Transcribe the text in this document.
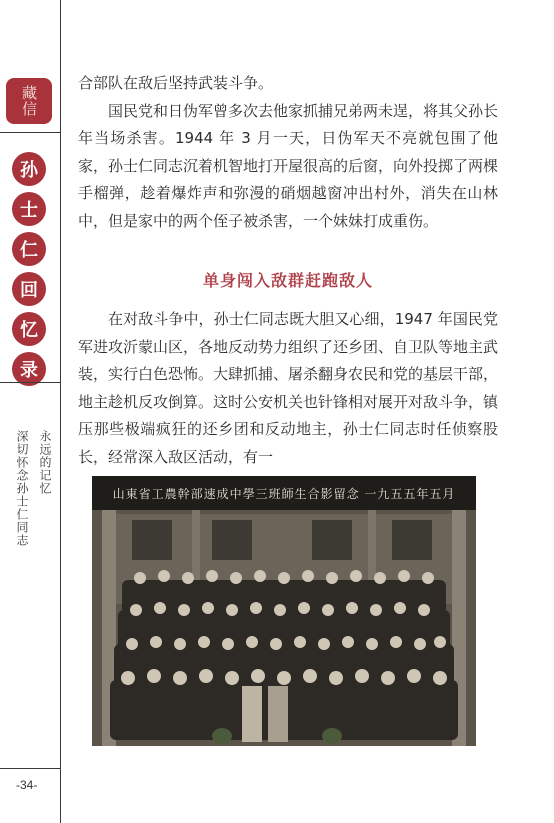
藏信
孙
士
仁
回
忆
录
永远的记忆
深切怀念孙士仁同志
-34-
合部队在敌后坚持武装斗争。
国民党和日伪军曾多次去他家抓捕兄弟两未逞，将其父孙长年当场杀害。1944 年 3 月一天，日伪军天不亮就包围了他家，孙士仁同志沉着机智地打开屋很高的后窗，向外投掷了两棵手榴弹，趁着爆炸声和弥漫的硝烟越窗冲出村外，消失在山林中，但是家中的两个侄子被杀害，一个妹妹打成重伤。
单身闯入敌群赶跑敌人
在对敌斗争中，孙士仁同志既大胆又心细，1947 年国民党军进攻沂蒙山区，各地反动势力组织了还乡团、自卫队等地主武装，实行白色恐怖。大肆抓捕、屠杀翻身农民和党的基层干部，地主趁机反攻倒算。这时公安机关也针锋相对展开对敌斗争，镇压那些极端疯狂的还乡团和反动地主，孙士仁同志时任侦察股长，经常深入敌区活动，有一
山東省工農幹部速成中學三班師生合影留念 一九五五年五月
